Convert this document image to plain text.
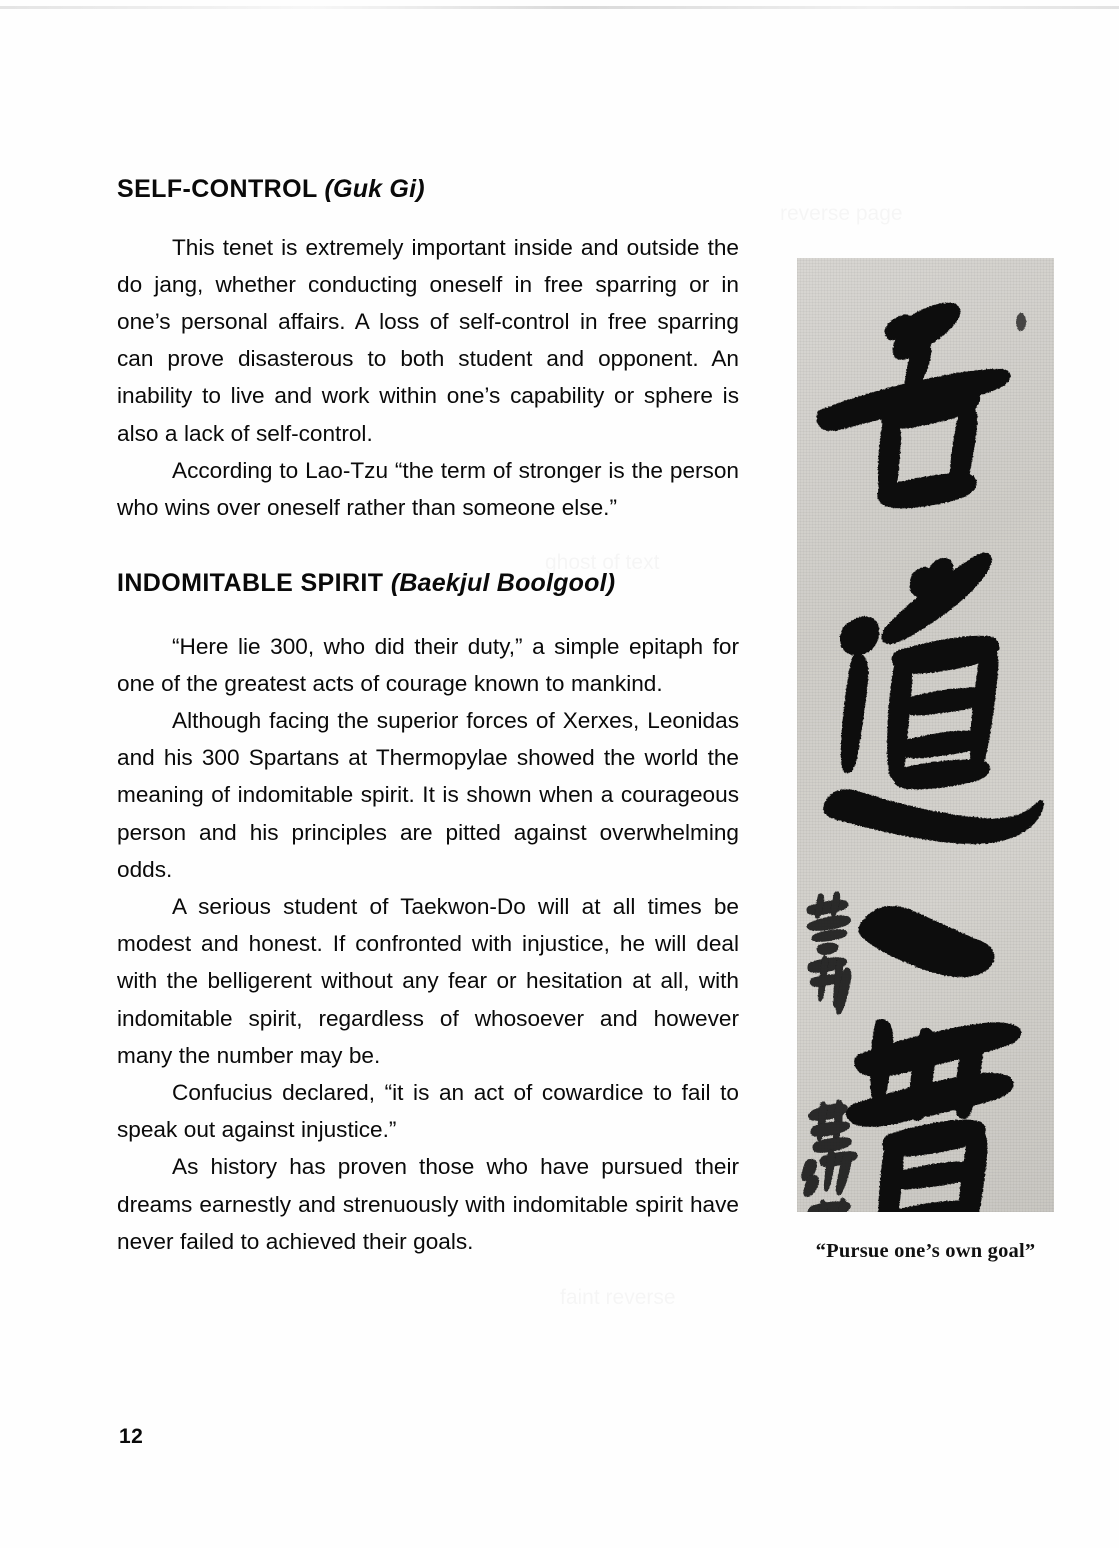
SELF-CONTROL (Guk Gi)

This tenet is extremely important inside and outside the do jang, whether conducting oneself in free sparring or in one’s personal affairs. A loss of self-control in free sparring can prove disasterous to both student and opponent. An inability to live and work within one’s capability or sphere is also a lack of self-control.

According to Lao-Tzu “the term of stronger is the person who wins over oneself rather than someone else.”

INDOMITABLE SPIRIT (Baekjul Boolgool)

“Here lie 300, who did their duty,” a simple epitaph for one of the greatest acts of courage known to mankind.

Although facing the superior forces of Xerxes, Leonidas and his 300 Spartans at Thermopylae showed the world the meaning of indomitable spirit. It is shown when a courageous person and his principles are pitted against overwhelming odds.

A serious student of Taekwon-Do will at all times be modest and honest. If confronted with injustice, he will deal with the belligerent without any fear or hesitation at all, with indomitable spirit, regardless of whosoever and however many the number may be.

Confucius declared, “it is an act of cowardice to fail to speak out against injustice.”

As history has proven those who have pursued their dreams earnestly and strenuously with indomitable spirit have never failed to achieved their goals.

12
“Pursue one’s own goal”
